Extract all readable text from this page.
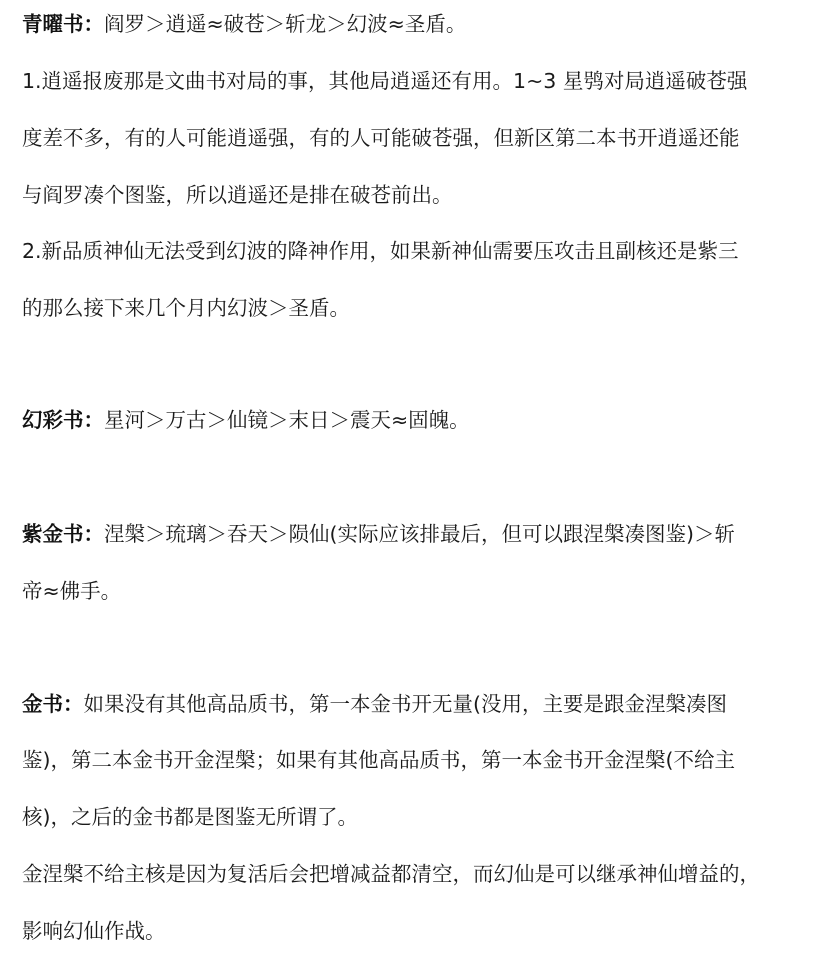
青曜书：阎罗＞逍遥≈破苍＞斩龙＞幻波≈圣盾。
1.逍遥报废那是文曲书对局的事，其他局逍遥还有用。1~3 星鸮对局逍遥破苍强
度差不多，有的人可能逍遥强，有的人可能破苍强，但新区第二本书开逍遥还能
与阎罗凑个图鉴，所以逍遥还是排在破苍前出。
2.新品质神仙无法受到幻波的降神作用，如果新神仙需要压攻击且副核还是紫三
的那么接下来几个月内幻波＞圣盾。
幻彩书：星河＞万古＞仙镜＞末日＞震天≈固魄。
紫金书：涅槃＞琉璃＞吞天＞陨仙(实际应该排最后，但可以跟涅槃凑图鉴)＞斩
帝≈佛手。
金书：如果没有其他高品质书，第一本金书开无量(没用，主要是跟金涅槃凑图
鉴)，第二本金书开金涅槃；如果有其他高品质书，第一本金书开金涅槃(不给主
核)，之后的金书都是图鉴无所谓了。
金涅槃不给主核是因为复活后会把增减益都清空，而幻仙是可以继承神仙增益的，
影响幻仙作战。
